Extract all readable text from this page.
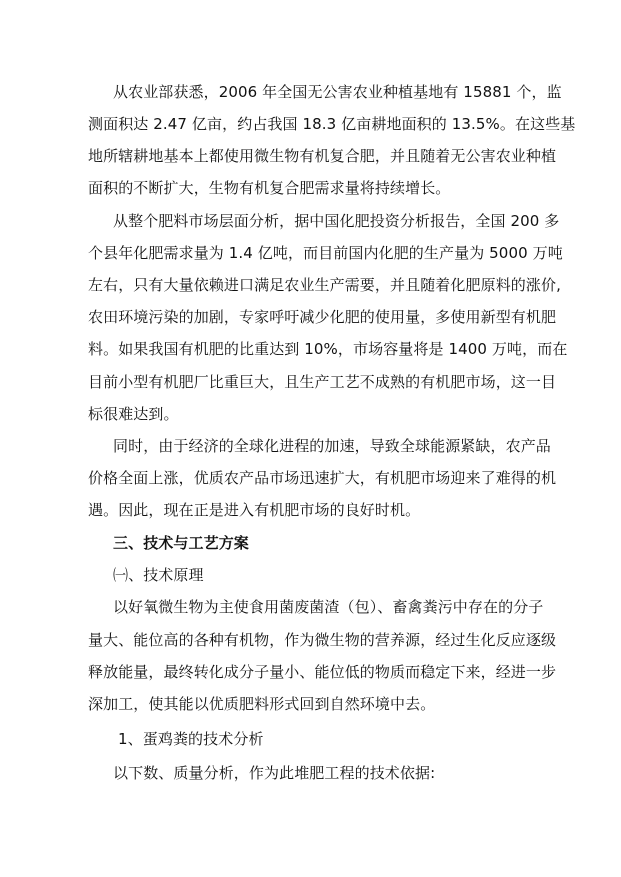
从农业部获悉，2006 年全国无公害农业种植基地有 15881 个，监
测面积达 2.47 亿亩，约占我国 18.3 亿亩耕地面积的 13.5%。在这些基
地所辖耕地基本上都使用微生物有机复合肥，并且随着无公害农业种植
面积的不断扩大，生物有机复合肥需求量将持续增长。
从整个肥料市场层面分析，据中国化肥投资分析报告，全国 200 多
个县年化肥需求量为 1.4 亿吨，而目前国内化肥的生产量为 5000 万吨
左右，只有大量依赖进口满足农业生产需要，并且随着化肥原料的涨价,
农田环境污染的加剧，专家呼吁减少化肥的使用量，多使用新型有机肥
料。如果我国有机肥的比重达到 10%，市场容量将是 1400 万吨，而在
目前小型有机肥厂比重巨大，且生产工艺不成熟的有机肥市场，这一目
标很难达到。
同时，由于经济的全球化进程的加速，导致全球能源紧缺，农产品
价格全面上涨，优质农产品市场迅速扩大，有机肥市场迎来了难得的机
遇。因此，现在正是进入有机肥市场的良好时机。
三、技术与工艺方案
㈠、技术原理
以好氧微生物为主使食用菌废菌渣（包）、畜禽粪污中存在的分子
量大、能位高的各种有机物，作为微生物的营养源，经过生化反应逐级
释放能量，最终转化成分子量小、能位低的物质而稳定下来，经进一步
深加工，使其能以优质肥料形式回到自然环境中去。
1、蛋鸡粪的技术分析
以下数、质量分析，作为此堆肥工程的技术依据:
